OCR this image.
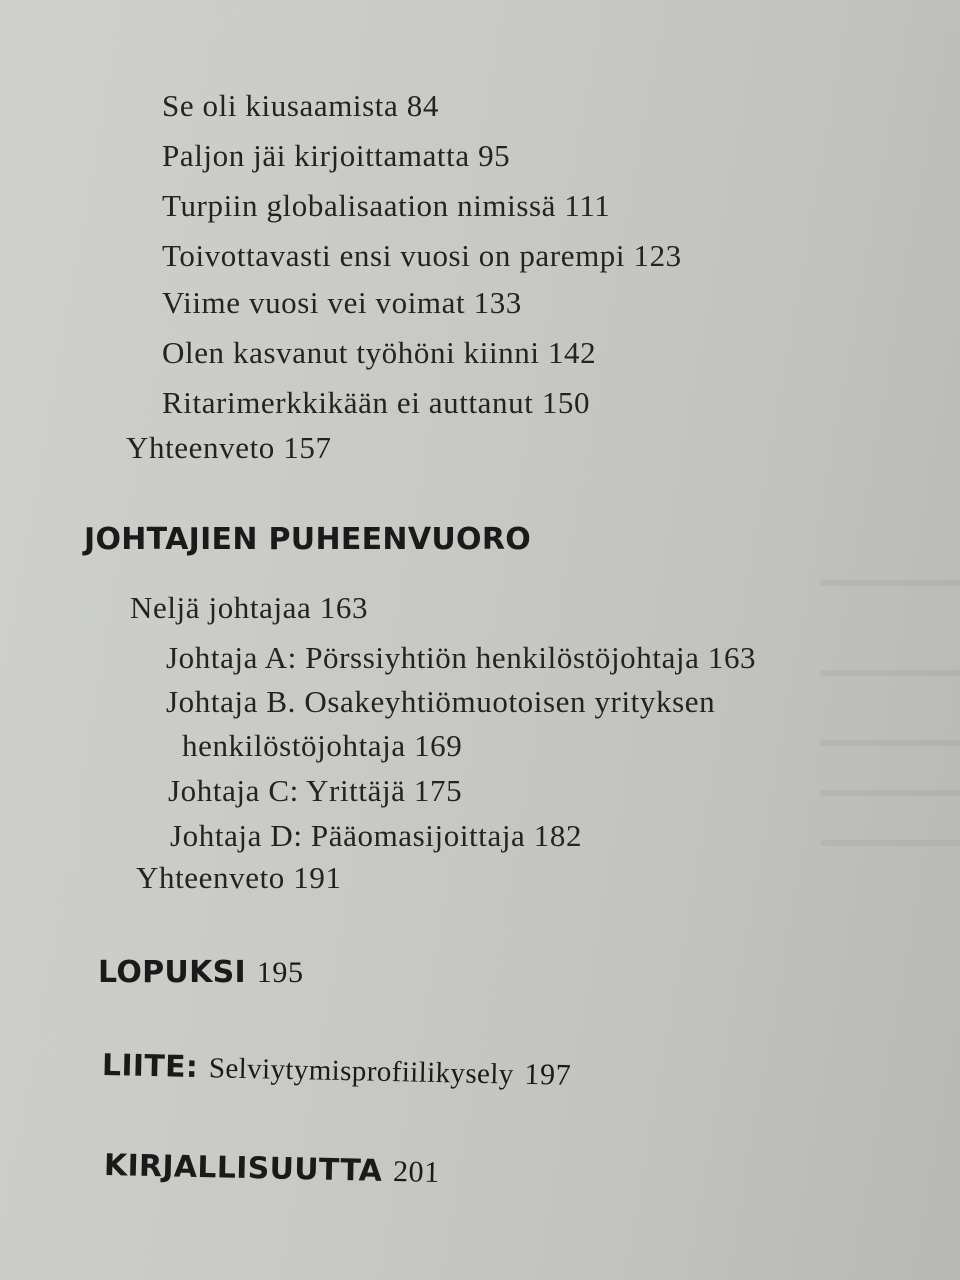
Se oli kiusaamista 84
Paljon jäi kirjoittamatta 95
Turpiin globalisaation nimissä 111
Toivottavasti ensi vuosi on parempi 123
Viime vuosi vei voimat 133
Olen kasvanut työhöni kiinni 142
Ritarimerkkikään ei auttanut 150
Yhteenveto 157
JOHTAJIEN PUHEENVUORO
Neljä johtajaa 163
Johtaja A: Pörssiyhtiön henkilöstöjohtaja 163
Johtaja B. Osakeyhtiömuotoisen yrityksen
henkilöstöjohtaja 169
Johtaja C: Yrittäjä 175
Johtaja D: Pääomasijoittaja 182
Yhteenveto 191
LOPUKSI 195
LIITE: Selviytymisprofiilikysely 197
KIRJALLISUUTTA 201
